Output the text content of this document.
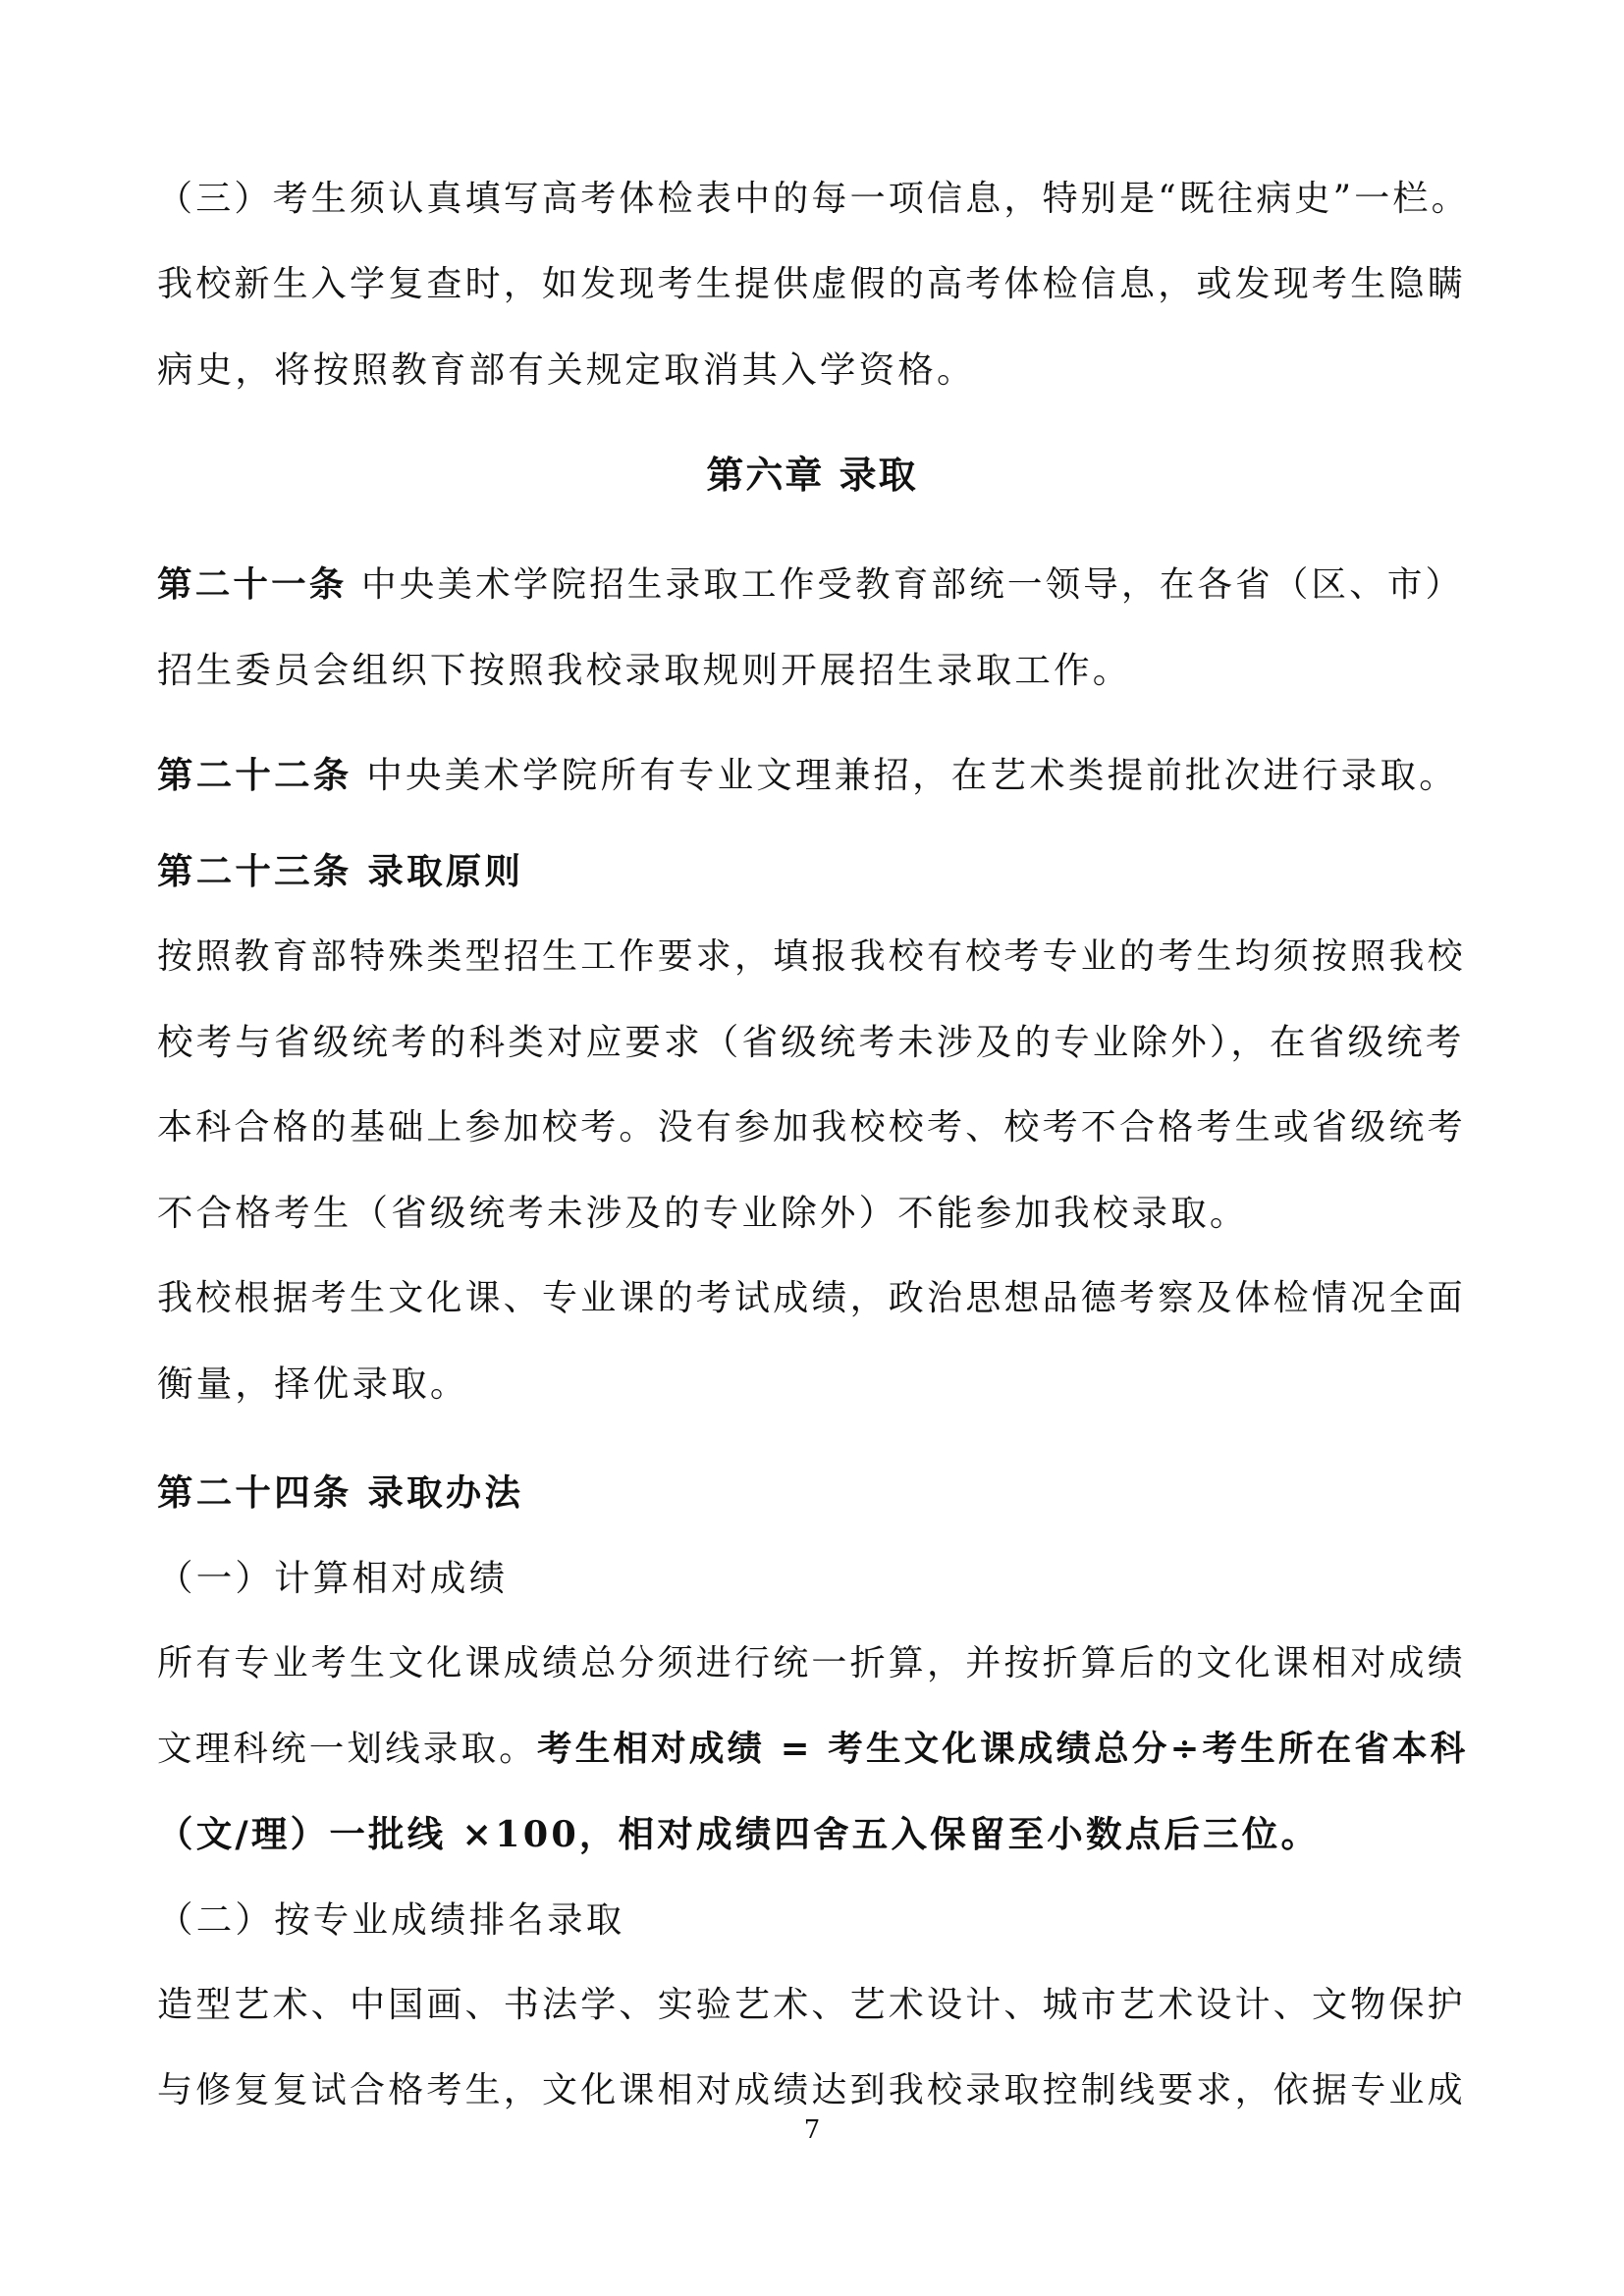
（三）考生须认真填写高考体检表中的每一项信息，特别是“既往病史”一栏。
我校新生入学复查时，如发现考生提供虚假的高考体检信息，或发现考生隐瞒
病史，将按照教育部有关规定取消其入学资格。
第六章 录取
第二十一条 中央美术学院招生录取工作受教育部统一领导，在各省（区、市）
招生委员会组织下按照我校录取规则开展招生录取工作。
第二十二条 中央美术学院所有专业文理兼招，在艺术类提前批次进行录取。
第二十三条 录取原则
按照教育部特殊类型招生工作要求，填报我校有校考专业的考生均须按照我校
校考与省级统考的科类对应要求（省级统考未涉及的专业除外），在省级统考
本科合格的基础上参加校考。没有参加我校校考、校考不合格考生或省级统考
不合格考生（省级统考未涉及的专业除外）不能参加我校录取。
我校根据考生文化课、专业课的考试成绩，政治思想品德考察及体检情况全面
衡量，择优录取。
第二十四条 录取办法
（一）计算相对成绩
所有专业考生文化课成绩总分须进行统一折算，并按折算后的文化课相对成绩
文理科统一划线录取。考生相对成绩 = 考生文化课成绩总分÷考生所在省本科
（文/理）一批线 ×100，相对成绩四舍五入保留至小数点后三位。
（二）按专业成绩排名录取
造型艺术、中国画、书法学、实验艺术、艺术设计、城市艺术设计、文物保护
与修复复试合格考生，文化课相对成绩达到我校录取控制线要求，依据专业成
7
